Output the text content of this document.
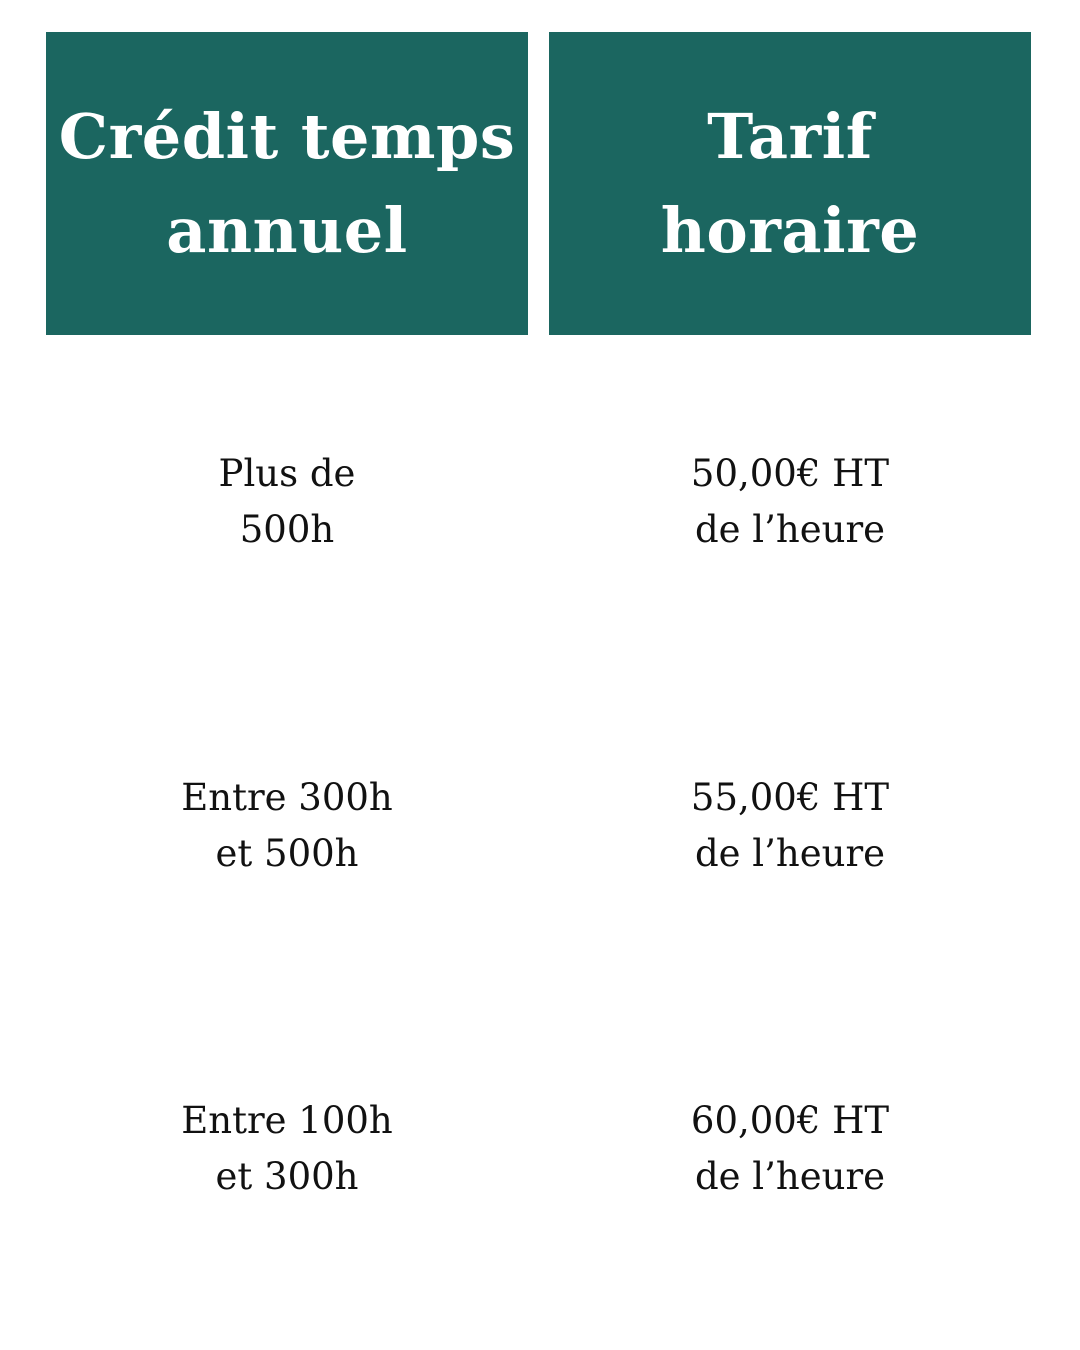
Crédit temps
annuel
Tarif
horaire
Plus de
500h
50,00€ HT
de l’heure
Entre 300h
et 500h
55,00€ HT
de l’heure
Entre 100h
et 300h
60,00€ HT
de l’heure
